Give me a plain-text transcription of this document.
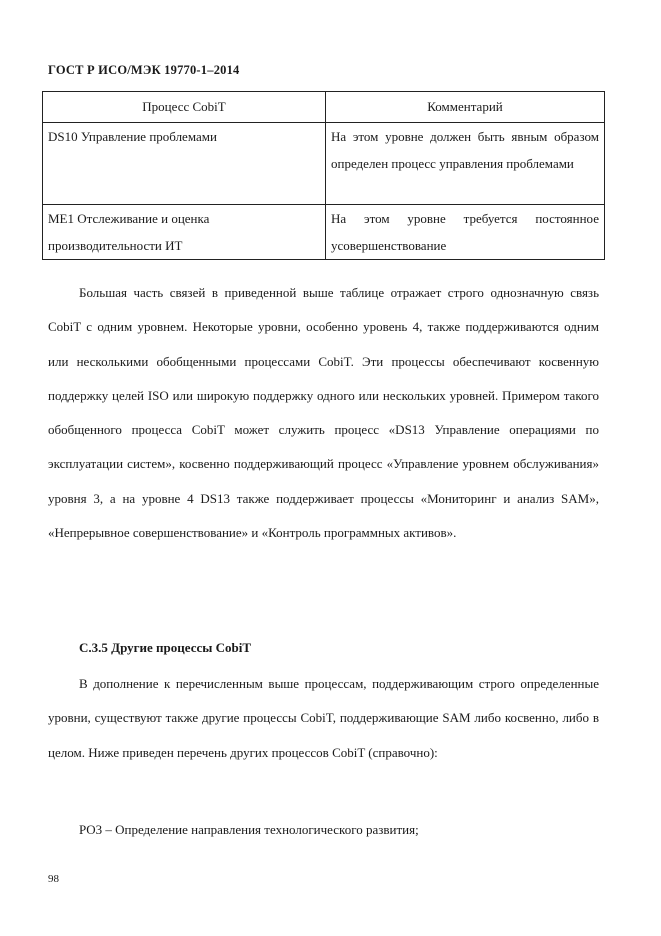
ГОСТ Р ИСО/МЭК 19770-1–2014
Процесс CobiT	Комментарий
DS10 Управление проблемами	На этом уровне должен быть явным образом определен процесс управления проблемами
ME1 Отслеживание и оценка производительности ИТ	На этом уровне требуется постоянное усовершенствование

Большая часть связей в приведенной выше таблице отражает строго однозначную связь CobiT с одним уровнем. Некоторые уровни, особенно уровень 4, также поддерживаются одним или несколькими обобщенными процессами CobiT. Эти процессы обеспечивают косвенную поддержку целей ISO или широкую поддержку одного или нескольких уровней. Примером такого обобщенного процесса CobiT может служить процесс «DS13 Управление операциями по эксплуатации систем», косвенно поддерживающий процесс «Управление уровнем обслуживания» уровня 3, а на уровне 4 DS13 также поддерживает процессы «Мониторинг и анализ SAM», «Непрерывное совершенствование» и «Контроль программных активов».

С.3.5 Другие процессы CobiT

В дополнение к перечисленным выше процессам, поддерживающим строго определенные уровни, существуют также другие процессы CobiT, поддерживающие SAM либо косвенно, либо в целом. Ниже приведен перечень других процессов CobiT (справочно):

PO3 – Определение направления технологического развития;

98
